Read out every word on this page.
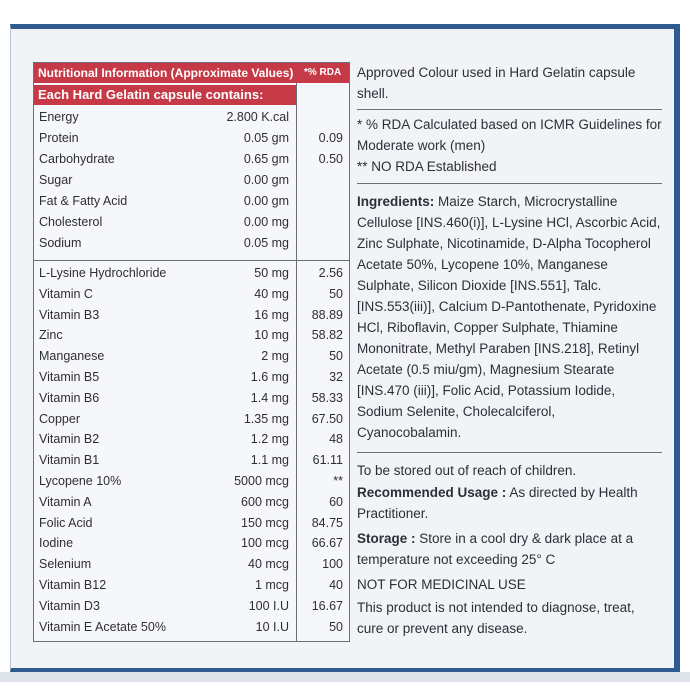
Nutritional Information (Approximate Values) *% RDA
Each Hard Gelatin capsule contains:
Energy	2.800 K.cal
Protein	0.05 gm 0.09
Carbohydrate	0.65 gm 0.50
Sugar	0.00 gm
Fat & Fatty Acid	0.00 gm
Cholesterol	0.00 mg
Sodium	0.05 mg
L-Lysine Hydrochloride	50 mg 2.56
Vitamin C	40 mg	50
Vitamin B3	16 mg 88.89
Zinc	10 mg 58.82
Manganese	2 mg	50
Vitamin B5	1.6 mg	32
Vitamin B6	1.4 mg 58.33
Copper	1.35 mg 67.50
Vitamin B2	1.2 mg	48
Vitamin B1	1.1 mg 61.11
Lycopene 10%	5000 mcg	**
Vitamin A	600 mcg	60
Folic Acid	150 mcg 84.75
Iodine	100 mcg 66.67
Selenium	40 mcg	100
Vitamin B12	1 mcg	40
Vitamin D3	100 I.U 16.67
Vitamin E Acetate 50%	10 I.U	50

Approved Colour used in Hard Gelatin capsule shell.

* % RDA Calculated based on ICMR Guidelines for Moderate work (men)

** NO RDA Established

Ingredients: Maize Starch, Microcrystalline Cellulose [INS.460(i)], L-Lysine HCl, Ascorbic Acid, Zinc Sulphate, Nicotinamide, D-Alpha Tocopherol Acetate 50%, Lycopene 10%, Manganese Sulphate, Silicon Dioxide [INS.551], Talc. [INS.553(iii)], Calcium D-Pantothenate, Pyridoxine HCl, Riboflavin, Copper Sulphate, Thiamine Mononitrate, Methyl Paraben [INS.218], Retinyl Acetate (0.5 miu/gm), Magnesium Stearate [INS.470 (iii)], Folic Acid, Potassium Iodide, Sodium Selenite, Cholecalciferol, Cyanocobalamin.

To be stored out of reach of children.

Recommended Usage : As directed by Health Practitioner.

Storage : Store in a cool dry & dark place at a temperature not exceeding 25° C

NOT FOR MEDICINAL USE

This product is not intended to diagnose, treat, cure or prevent any disease.
